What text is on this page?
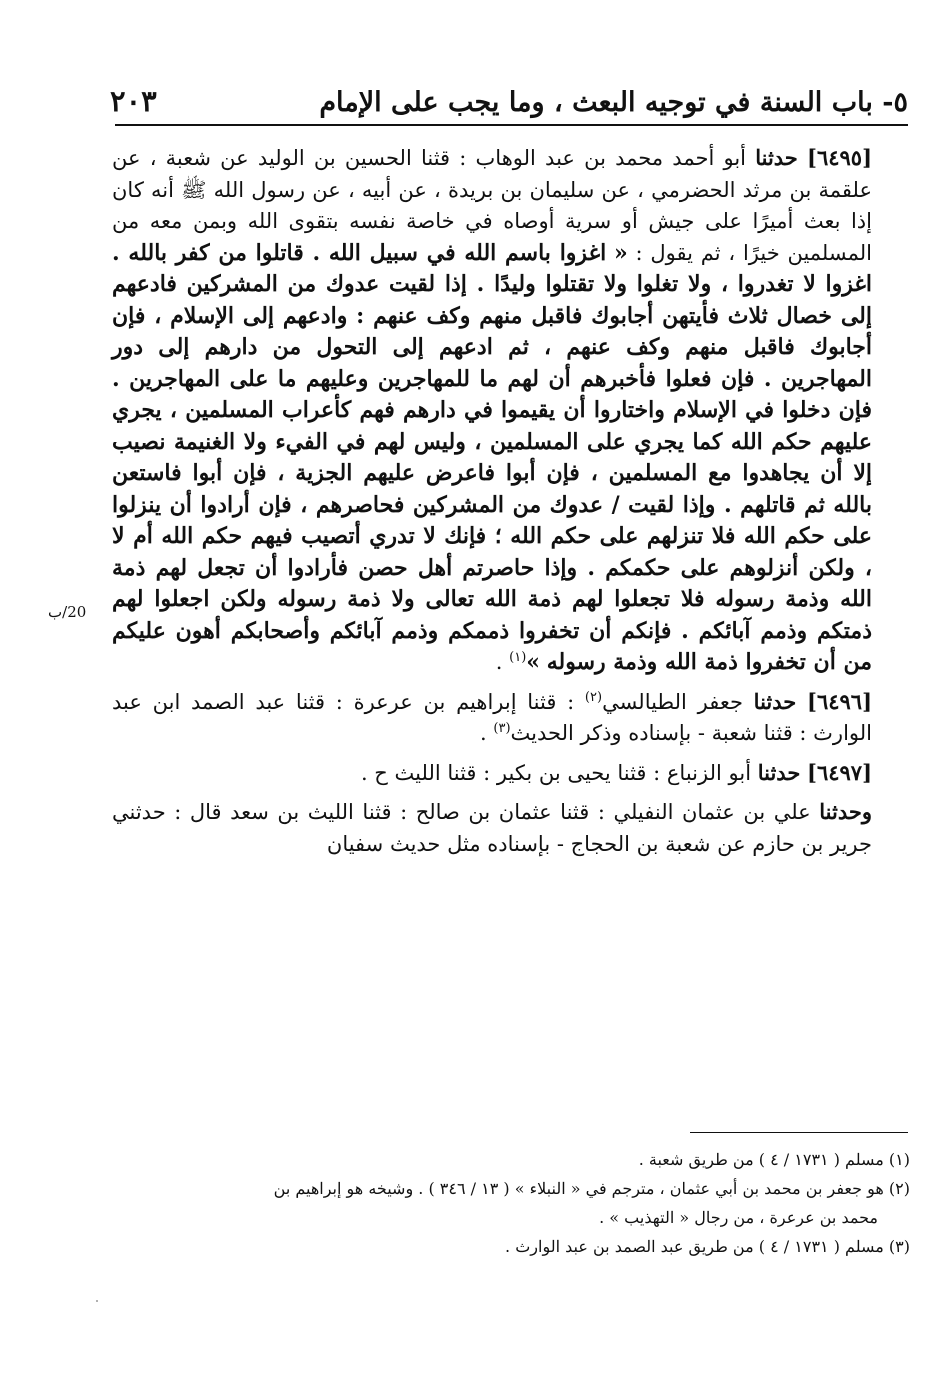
٥- باب السنة في توجيه البعث ، وما يجب على الإمام
٢٠٣
20/ب

[٦٤٩٥] حدثنا أبو أحمد محمد بن عبد الوهاب : قثنا الحسين بن الوليد عن شعبة ، عن علقمة بن مرثد الحضرمي ، عن سليمان بن بريدة ، عن أبيه ، عن رسول الله ﷺ أنه كان إذا بعث أميرًا على جيش أو سرية أوصاه في خاصة نفسه بتقوى الله وبمن معه من المسلمين خيرًا ، ثم يقول : « اغزوا باسم الله في سبيل الله . قاتلوا من كفر بالله . اغزوا لا تغدروا ، ولا تغلوا ولا تقتلوا وليدًا . إذا لقيت عدوك من المشركين فادعهم إلى خصال ثلاث فأيتهن أجابوك فاقبل منهم وكف عنهم : وادعهم إلى الإسلام ، فإن أجابوك فاقبل منهم وكف عنهم ، ثم ادعهم إلى التحول من دارهم إلى دور المهاجرين . فإن فعلوا فأخبرهم أن لهم ما للمهاجرين وعليهم ما على المهاجرين . فإن دخلوا في الإسلام واختاروا أن يقيموا في دارهم فهم كأعراب المسلمين ، يجري عليهم حكم الله كما يجري على المسلمين ، وليس لهم في الفيء ولا الغنيمة نصيب إلا أن يجاهدوا مع المسلمين ، فإن أبوا فاعرض عليهم الجزية ، فإن أبوا فاستعن بالله ثم قاتلهم . وإذا لقيت / عدوك من المشركين فحاصرهم ، فإن أرادوا أن ينزلوا على حكم الله فلا تنزلهم على حكم الله ؛ فإنك لا تدري أتصيب فيهم حكم الله أم لا ، ولكن أنزلوهم على حكمكم . وإذا حاصرتم أهل حصن فأرادوا أن تجعل لهم ذمة الله وذمة رسوله فلا تجعلوا لهم ذمة الله تعالى ولا ذمة رسوله ولكن اجعلوا لهم ذمتكم وذمم آبائكم . فإنكم أن تخفروا ذممكم وذمم آبائكم وأصحابكم أهون عليكم من أن تخفروا ذمة الله وذمة رسوله »$^{(١)}$ .

[٦٤٩٦] حدثنا جعفر الطيالسي$^{(٢)}$ : قثنا إبراهيم بن عرعرة : قثنا عبد الصمد ابن عبد الوارث : قثنا شعبة - بإسناده وذكر الحديث$^{(٣)}$ .

[٦٤٩٧] حدثنا أبو الزنباع : قثنا يحيى بن بكير : قثنا الليث ح .

وحدثنا علي بن عثمان النفيلي : قثنا عثمان بن صالح : قثنا الليث بن سعد قال : حدثني جرير بن حازم عن شعبة بن الحجاج - بإسناده مثل حديث سفيان

(١) مسلم ( ١٧٣١ / ٤ ) من طريق شعبة .

(٢) هو جعفر بن محمد بن أبي عثمان ، مترجم في « النبلاء » ( ١٣ / ٣٤٦ ) . وشيخه هو إبراهيم بن

محمد بن عرعرة ، من رجال « التهذيب » .

(٣) مسلم ( ١٧٣١ / ٤ ) من طريق عبد الصمد بن عبد الوارث .
